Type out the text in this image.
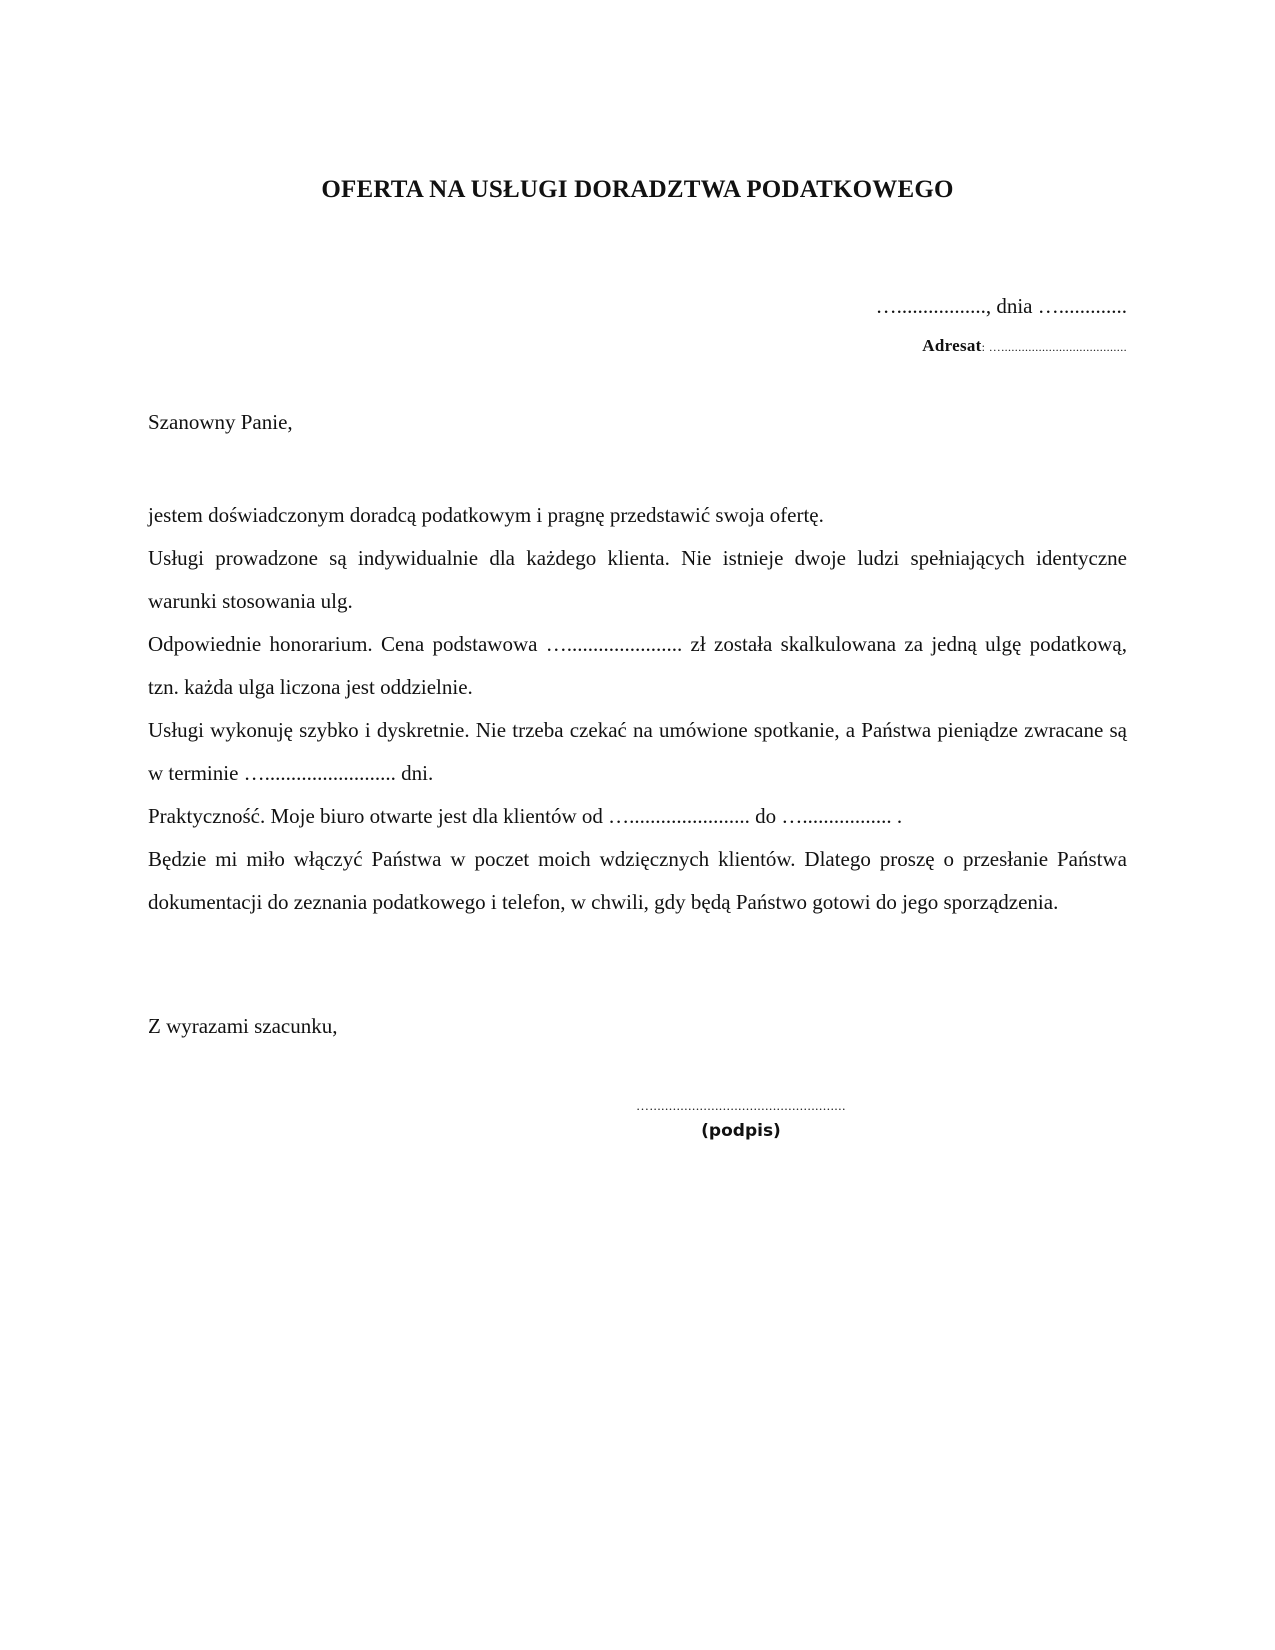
OFERTA NA USŁUGI DORADZTWA PODATKOWEGO
…................., dnia ….............
Adresat: ….....................................
Szanowny Panie,

jestem doświadczonym doradcą podatkowym i pragnę przedstawić swoja ofertę.

Usługi prowadzone są indywidualnie dla każdego klienta. Nie istnieje dwoje ludzi spełniających identyczne warunki stosowania ulg.

Odpowiednie honorarium. Cena podstawowa …...................... zł została skalkulowana za jedną ulgę podatkową, tzn. każda ulga liczona jest oddzielnie.

Usługi wykonuję szybko i dyskretnie. Nie trzeba czekać na umówione spotkanie, a Państwa pieniądze zwracane są w terminie …......................... dni.

Praktyczność. Moje biuro otwarte jest dla klientów od …....................... do …................. .

Będzie mi miło włączyć Państwa w poczet moich wdzięcznych klientów. Dlatego proszę o przesłanie Państwa dokumentacji do zeznania podatkowego i telefon, w chwili, gdy będą Państwo gotowi do jego sporządzenia.

Z wyrazami szacunku,
…...................................................
(podpis)
